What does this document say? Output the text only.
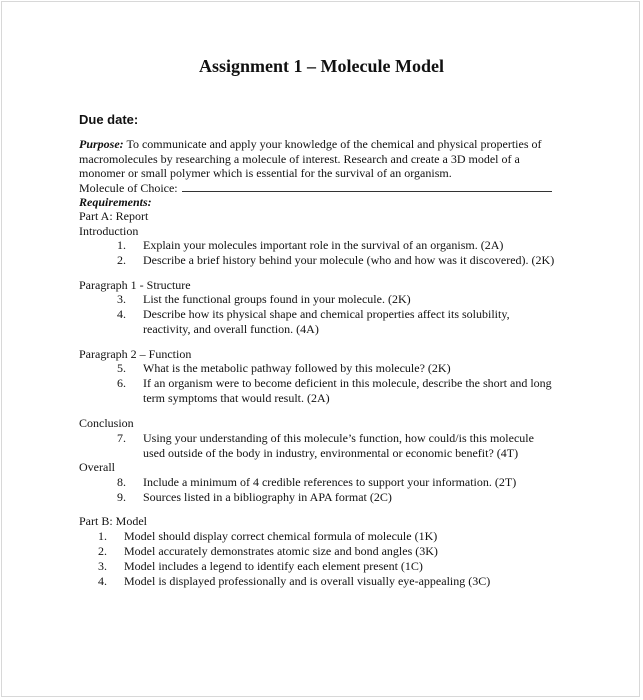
Assignment 1 – Molecule Model
Due date:
Purpose: To communicate and apply your knowledge of the chemical and physical properties of
macromolecules by researching a molecule of interest. Research and create a 3D model of a
monomer or small polymer which is essential for the survival of an organism.
Molecule of Choice:
Requirements:
Part A: Report
Introduction
1.	Explain your molecules important role in the survival of an organism. (2A)
2.	Describe a brief history behind your molecule (who and how was it discovered). (2K)
Paragraph 1 - Structure
3.	List the functional groups found in your molecule. (2K)
4.	Describe how its physical shape and chemical properties affect its solubility,
reactivity, and overall function. (4A)
Paragraph 2 – Function
5.	What is the metabolic pathway followed by this molecule? (2K)
6.	If an organism were to become deficient in this molecule, describe the short and long
term symptoms that would result. (2A)
Conclusion
7.	Using your understanding of this molecule’s function, how could/is this molecule
used outside of the body in industry, environmental or economic benefit? (4T)
Overall
8.	Include a minimum of 4 credible references to support your information. (2T)
9.	Sources listed in a bibliography in APA format (2C)
Part B: Model
1.	Model should display correct chemical formula of molecule (1K)
2.	Model accurately demonstrates atomic size and bond angles (3K)
3.	Model includes a legend to identify each element present (1C)
4.	Model is displayed professionally and is overall visually eye-appealing (3C)
